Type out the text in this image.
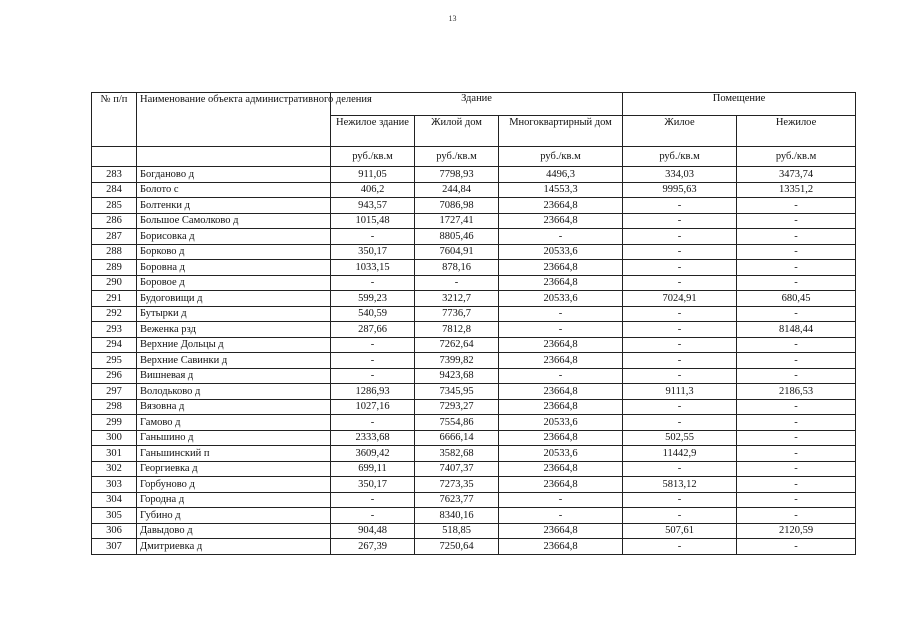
13
№ п/п	Наименование объекта административного деления	Здание			Помещение	
		Нежилое здание	Жилой дом	Многоквартирный дом	Жилое	Нежилое
		руб./кв.м	руб./кв.м	руб./кв.м	руб./кв.м	руб./кв.м
283	Богданово д	911,05	7798,93	4496,3	334,03	3473,74
284	Болото с	406,2	244,84	14553,3	9995,63	13351,2
285	Болтенки д	943,57	7086,98	23664,8	-	-
286	Большое Самолково д	1015,48	1727,41	23664,8	-	-
287	Борисовка д	-	8805,46	-	-	-
288	Борково д	350,17	7604,91	20533,6	-	-
289	Боровна д	1033,15	878,16	23664,8	-	-
290	Боровое д	-	-	23664,8	-	-
291	Будоговищи д	599,23	3212,7	20533,6	7024,91	680,45
292	Бутырки д	540,59	7736,7	-	-	-
293	Веженка рзд	287,66	7812,8	-	-	8148,44
294	Верхние Дольцы д	-	7262,64	23664,8	-	-
295	Верхние Савинки д	-	7399,82	23664,8	-	-
296	Вишневая д	-	9423,68	-	-	-
297	Володьково д	1286,93	7345,95	23664,8	9111,3	2186,53
298	Вязовна д	1027,16	7293,27	23664,8	-	-
299	Гамово д	-	7554,86	20533,6	-	-
300	Ганьшино д	2333,68	6666,14	23664,8	502,55	-
301	Ганьшинский п	3609,42	3582,68	20533,6	11442,9	-
302	Георгиевка д	699,11	7407,37	23664,8	-	-
303	Горбуново д	350,17	7273,35	23664,8	5813,12	-
304	Городна д	-	7623,77	-	-	-
305	Губино д	-	8340,16	-	-	-
306	Давыдово д	904,48	518,85	23664,8	507,61	2120,59
307	Дмитриевка д	267,39	7250,64	23664,8	-	-
